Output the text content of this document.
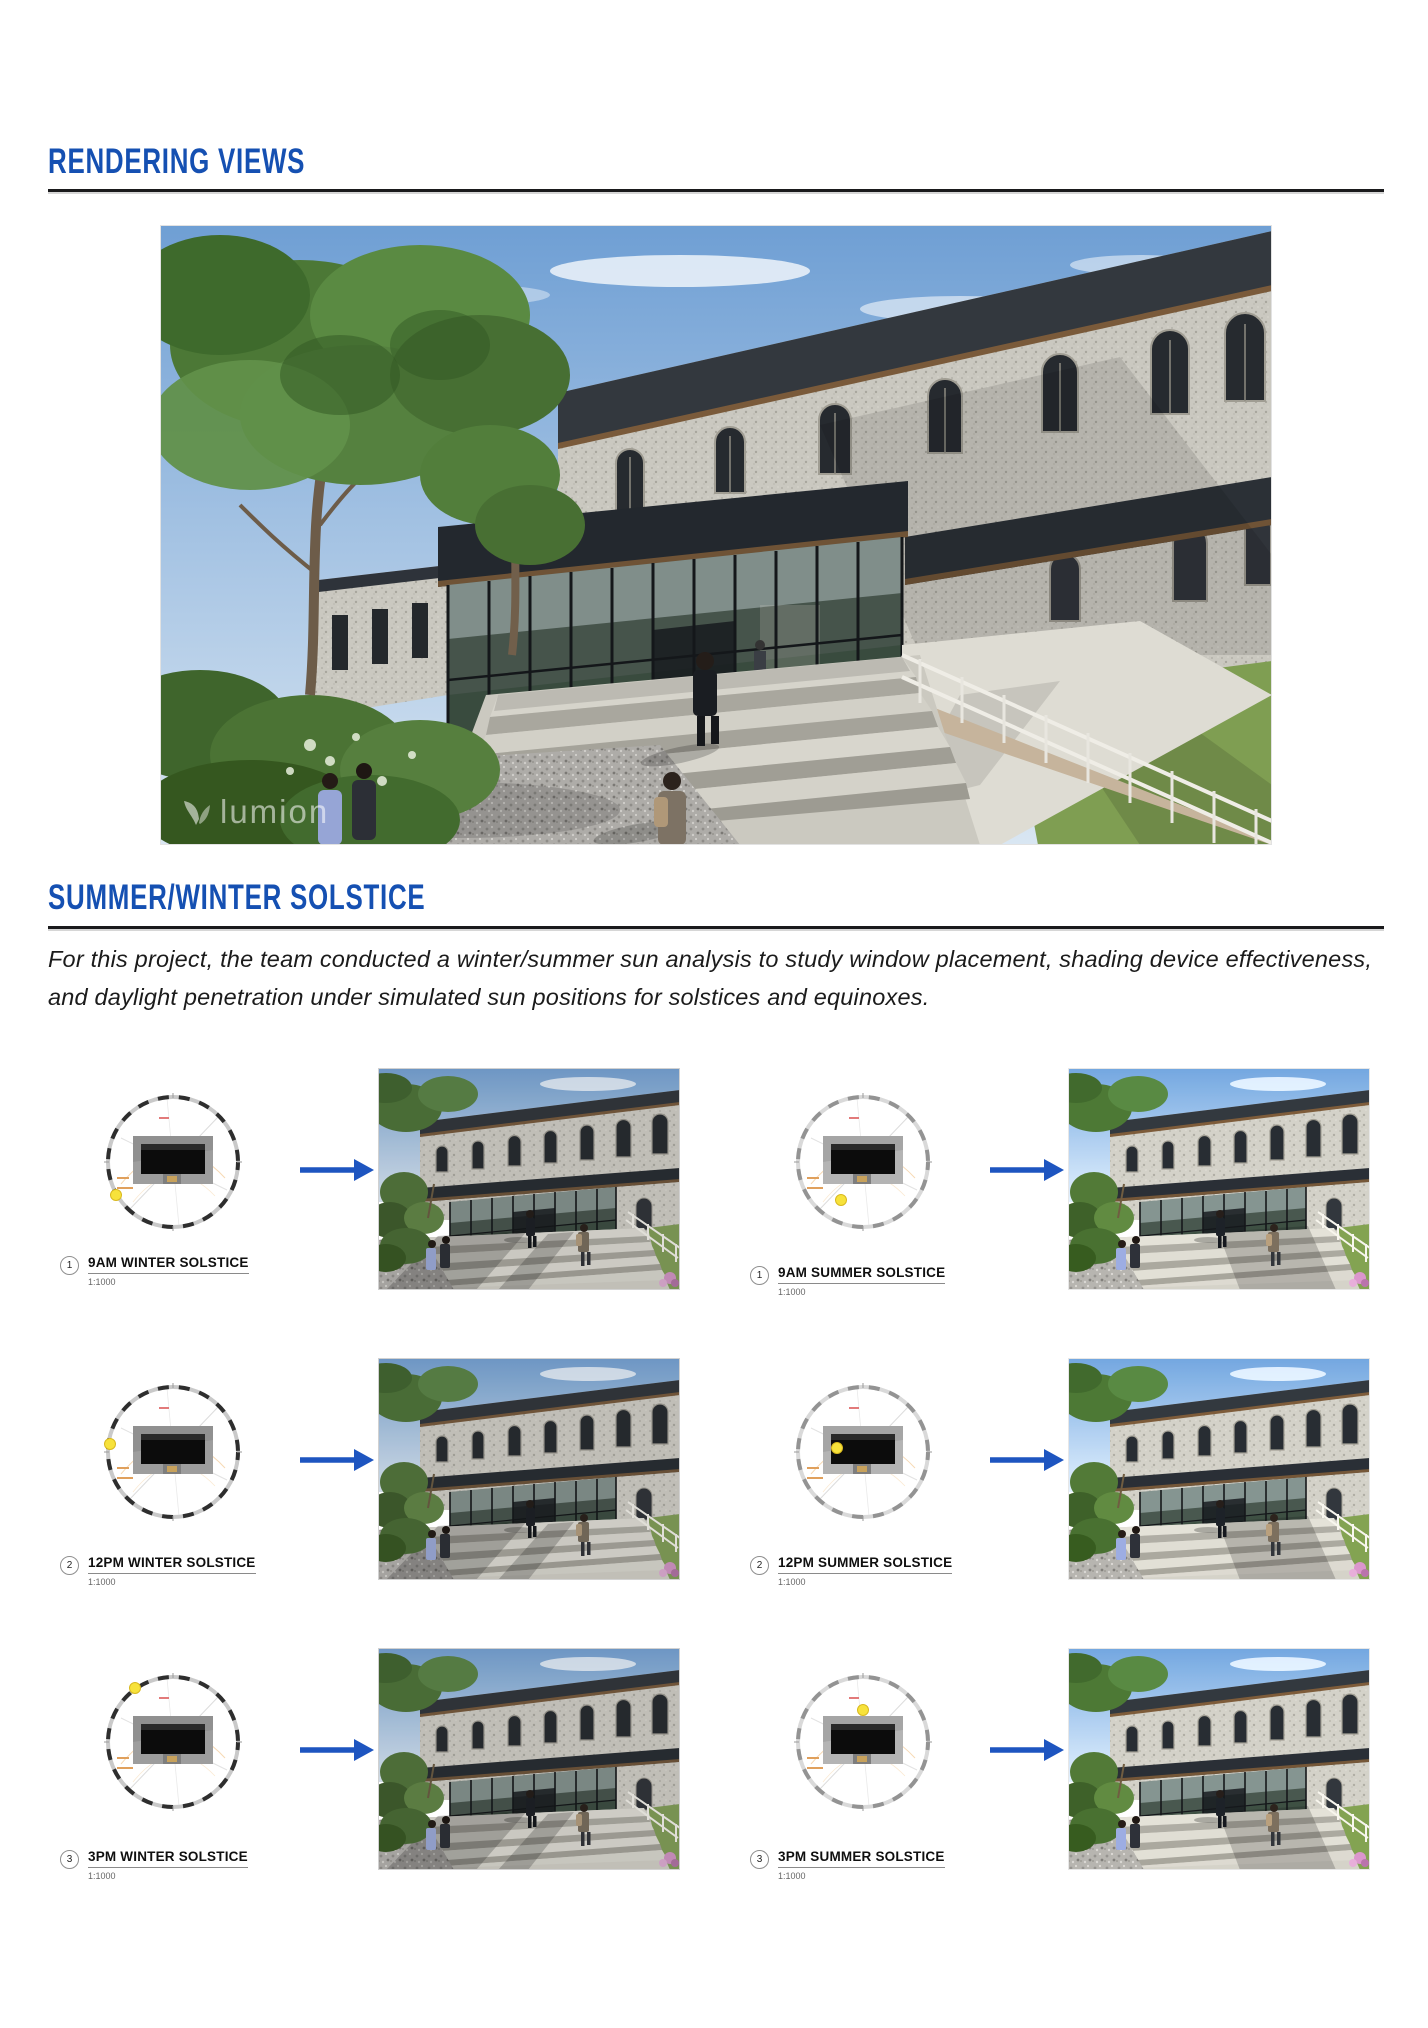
RENDERING VIEWS
lumion
SUMMER/WINTER SOLSTICE

For this project, the team conducted a winter/summer sun analysis to study window placement, shading device effectiveness, and daylight penetration under simulated sun positions for solstices and equinoxes.

1	9AM WINTER SOLSTICE
1:1000
1	9AM SUMMER SOLSTICE
1:1000
2	12PM WINTER SOLSTICE
1:1000
2	12PM SUMMER SOLSTICE
1:1000
3	3PM WINTER SOLSTICE
1:1000
3	3PM SUMMER SOLSTICE
1:1000
